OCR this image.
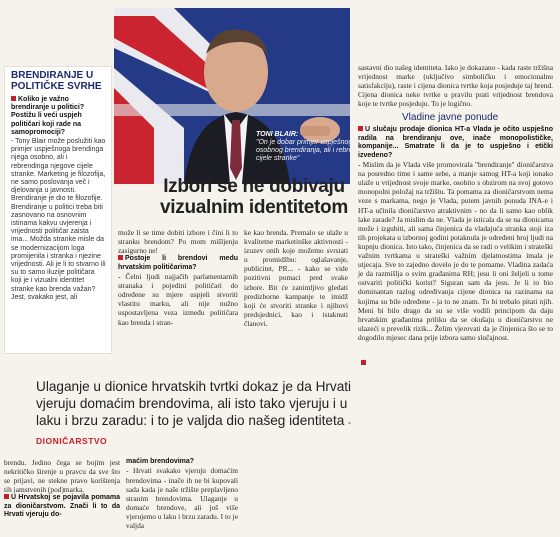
TONI BLAIR:
"On je dobar primjer uspješnog osobnog brendiranja, ali i rebrendinga cijele stranke"
Izbori se ne dobivaju vizualnim identitetom
BRENDIRANJE U POLITIČKE SVRHE
Koliko je važno brendiranje u politici? Postižu li veći uspjeh političari koji rade na samopromociji?
- Tony Blair može poslužiti kao primjer uspješnoga brendinga njega osobno, ali i rebrendinga njegove cijele stranke. Marketing je filozofija, ne samo poslovanja več i djelovanja u javnosti. Brendiranje je dio te filozofije. Brendiranje u politici treba biti zasnovano na osnovnim istinama kakvu uvjerenja i vrijednosti političar zaista ima... Možda stranke misle da se modernizacijom loga promijenila i stranka i njezine vrijednosti. Ali je li to stvarno ili su to samo iluzije političara koji je i vizualni identitet stranke kao brenda važan? Jest, svakako jest, ali
može li se time dobiti izbore i čini li to stranku brendom? Po mom mišljenju zasigurno ne!
Postoje li brendovi medu hrvatskim političarima?
- Čelni ljudi najjačih parlamentarnih stranaka i pojedini političari do određene su mjere uspjeli stvoriti vlastitu marku, ali nije nužno uspostavljena veza između političara kao brenda i stran-
ke kao brenda. Premalo se ulaže u kvalitetne marketinške aktivnosti - izuzev onih koje možemo svrstati u promidžbu: oglašavanje, publicitet, PR... - kako se vide pozitivni pomaci pred svake izbore. Bit će zanimljivo gledati predizborne kampanje te imidž koji će stvoriti stranke i njihovi predsjednici, kao i istaknuti članovi.
sastavni dio našeg identiteta. Iako je dokazano - kada raste tržišna vrijednost marke (uključivo simboličku i emocionalnu satisfakciju), raste i cijena dionica tvrtke koja posjeduje taj brend. Cijena dionica neke tvrtke u pravilu prati vrijednost brendova koje te tvrtke posjeduju. To je logično.
Vladine javne ponude
U slučaju prodaje dionica HT-a Vlada je očito uspješno radila na brendiranju ove, inače monopolističke, kompanije... Smatrate li da je to uspješno i etički izvedeno?
- Mislim da je Vlada više promovirala "brendiranje" dioničarstva na posredno time i same sebe, a manje samog HT-a koji ionako ulaže u vrijednost svoje marke, osobito s obzirom na svoj gotovo monopolni položaj na tržištu. Ta pomama za dioničarstvom nema veze s markama, nego je Vlada, putem javnih ponuda INA-e i HT-a učinila dioničarstvo atraktivnim - no da li samo kao oblik lake zarade? Ja mislim da ne. Vlada je isticala da se na dionicama može i izgubiti, ali sama činjenica da vladajuća stranka stoji iza tih projekata u izbornoj godini potaknula je određeni broj ljudi na kupnju dionica. Isto tako, činjenica da se radi o velikim i strateški važnim tvrtkama u strateški važnim djelatnostima imala je utjecaja. Sve to zajedno dovelo je do te pomame. Vladina zadaća je da razmišlja o svim građanima RH; jesu li oni željeli u tome ostvariti politički korist? Siguran sam da jesu. Je li to bio dominantan razlog određivanja cijene dionica na razinama na kojima su bile određene - ja to ne znam. To bi trebalo pitati njih. Meni bi bilo drago da su se više vodili principom da daju hrvatskim građanima priliku da se okušaju u dioničarstvu ne ulazeći u prevelik rizik... Želim vjerovati da je činjenica što se to dogodilo mjesec dana prije izbora samo slučajnost.
Ulaganje u dionice hrvatskih tvrtki dokaz je da Hrvati vjeruju domaćim brendovima, ali isto tako vjeruju i u laku i brzu zaradu: i to je valjda dio našeg identiteta - DIONIČARSTVO
brendu. Jedino čega se bojim jest nekritičko širenje u pravcu da sve što se prijavi, ne stekne pravo korištenja tih jamstvenih (pod)marka.
U Hrvatskoj se pojavila pomama za dioničarstvom. Znači li to da Hrvati vjeruju do-
maćim brendovima?
- Hrvati svakako vjeruju domaćim brendovima - inače ih ne bi kupovali sada kada je naše tržište preplavljeno stranim brendovima. Ulaganje u domaće brendove, ali još više vjerujemo u laku i brzu zaradu. I to je valjda
